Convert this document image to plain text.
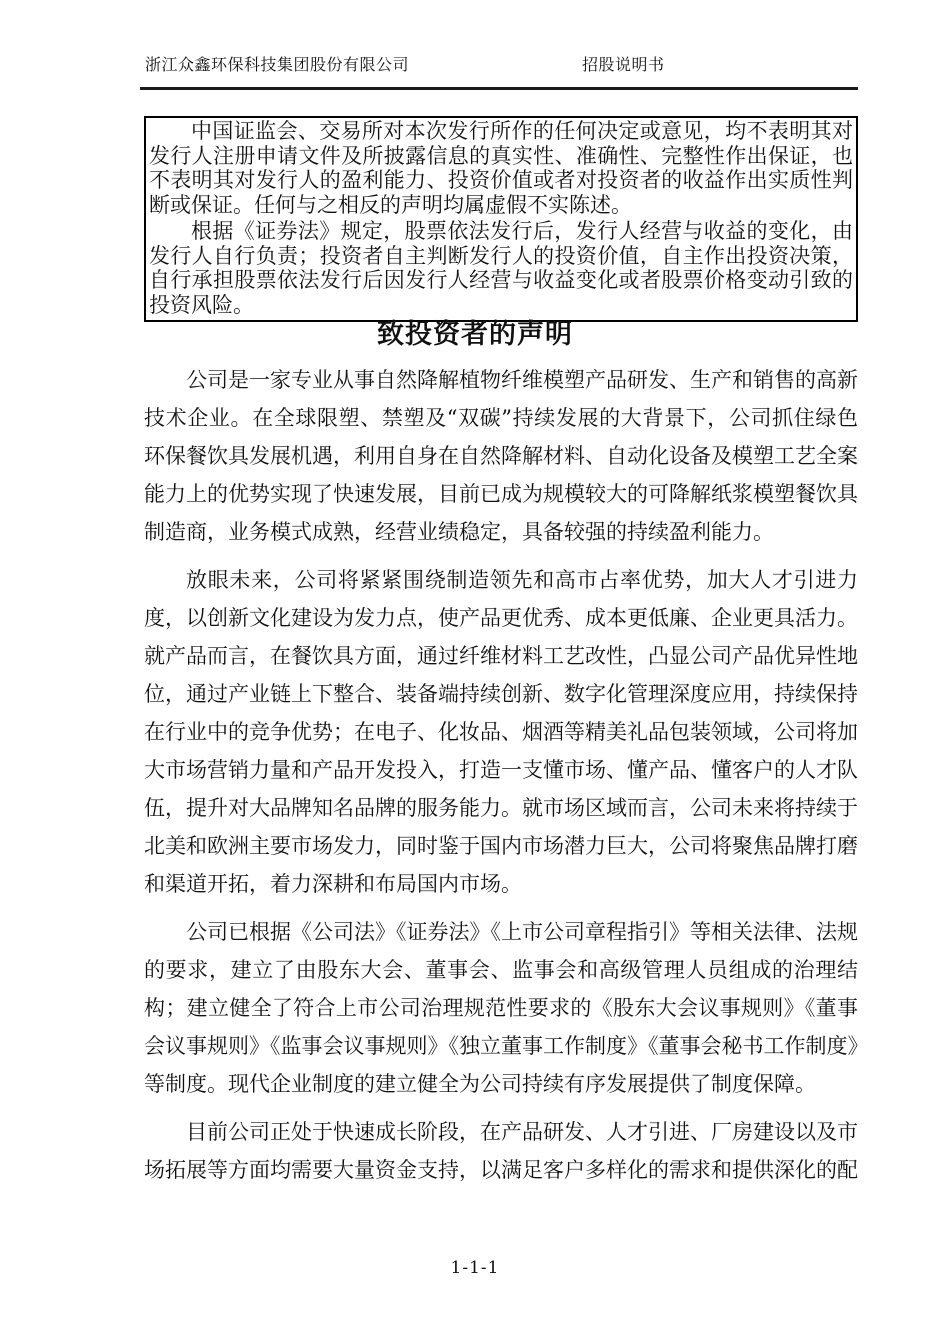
浙江众鑫环保科技集团股份有限公司	招股说明书

中国证监会、交易所对本次发行所作的任何决定或意见，均不表明其对发行人注册申请文件及所披露信息的真实性、准确性、完整性作出保证，也不表明其对发行人的盈利能力、投资价值或者对投资者的收益作出实质性判断或保证。任何与之相反的声明均属虚假不实陈述。

根据《证券法》规定，股票依法发行后，发行人经营与收益的变化，由发行人自行负责；投资者自主判断发行人的投资价值，自主作出投资决策，自行承担股票依法发行后因发行人经营与收益变化或者股票价格变动引致的投资风险。

致投资者的声明

公司是一家专业从事自然降解植物纤维模塑产品研发、生产和销售的高新技术企业。在全球限塑、禁塑及“双碳”持续发展的大背景下，公司抓住绿色环保餐饮具发展机遇，利用自身在自然降解材料、自动化设备及模塑工艺全案能力上的优势实现了快速发展，目前已成为规模较大的可降解纸浆模塑餐饮具制造商，业务模式成熟，经营业绩稳定，具备较强的持续盈利能力。

放眼未来，公司将紧紧围绕制造领先和高市占率优势，加大人才引进力度，以创新文化建设为发力点，使产品更优秀、成本更低廉、企业更具活力。就产品而言，在餐饮具方面，通过纤维材料工艺改性，凸显公司产品优异性地位，通过产业链上下整合、装备端持续创新、数字化管理深度应用，持续保持在行业中的竞争优势；在电子、化妆品、烟酒等精美礼品包装领域，公司将加大市场营销力量和产品开发投入，打造一支懂市场、懂产品、懂客户的人才队伍，提升对大品牌知名品牌的服务能力。就市场区域而言，公司未来将持续于北美和欧洲主要市场发力，同时鉴于国内市场潜力巨大，公司将聚焦品牌打磨和渠道开拓，着力深耕和布局国内市场。

公司已根据《公司法》《证券法》《上市公司章程指引》等相关法律、法规的要求，建立了由股东大会、董事会、监事会和高级管理人员组成的治理结构；建立健全了符合上市公司治理规范性要求的《股东大会议事规则》《董事会议事规则》《监事会议事规则》《独立董事工作制度》《董事会秘书工作制度》等制度。现代企业制度的建立健全为公司持续有序发展提供了制度保障。

目前公司正处于快速成长阶段，在产品研发、人才引进、厂房建设以及市场拓展等方面均需要大量资金支持，以满足客户多样化的需求和提供深化的配

1-1-1
